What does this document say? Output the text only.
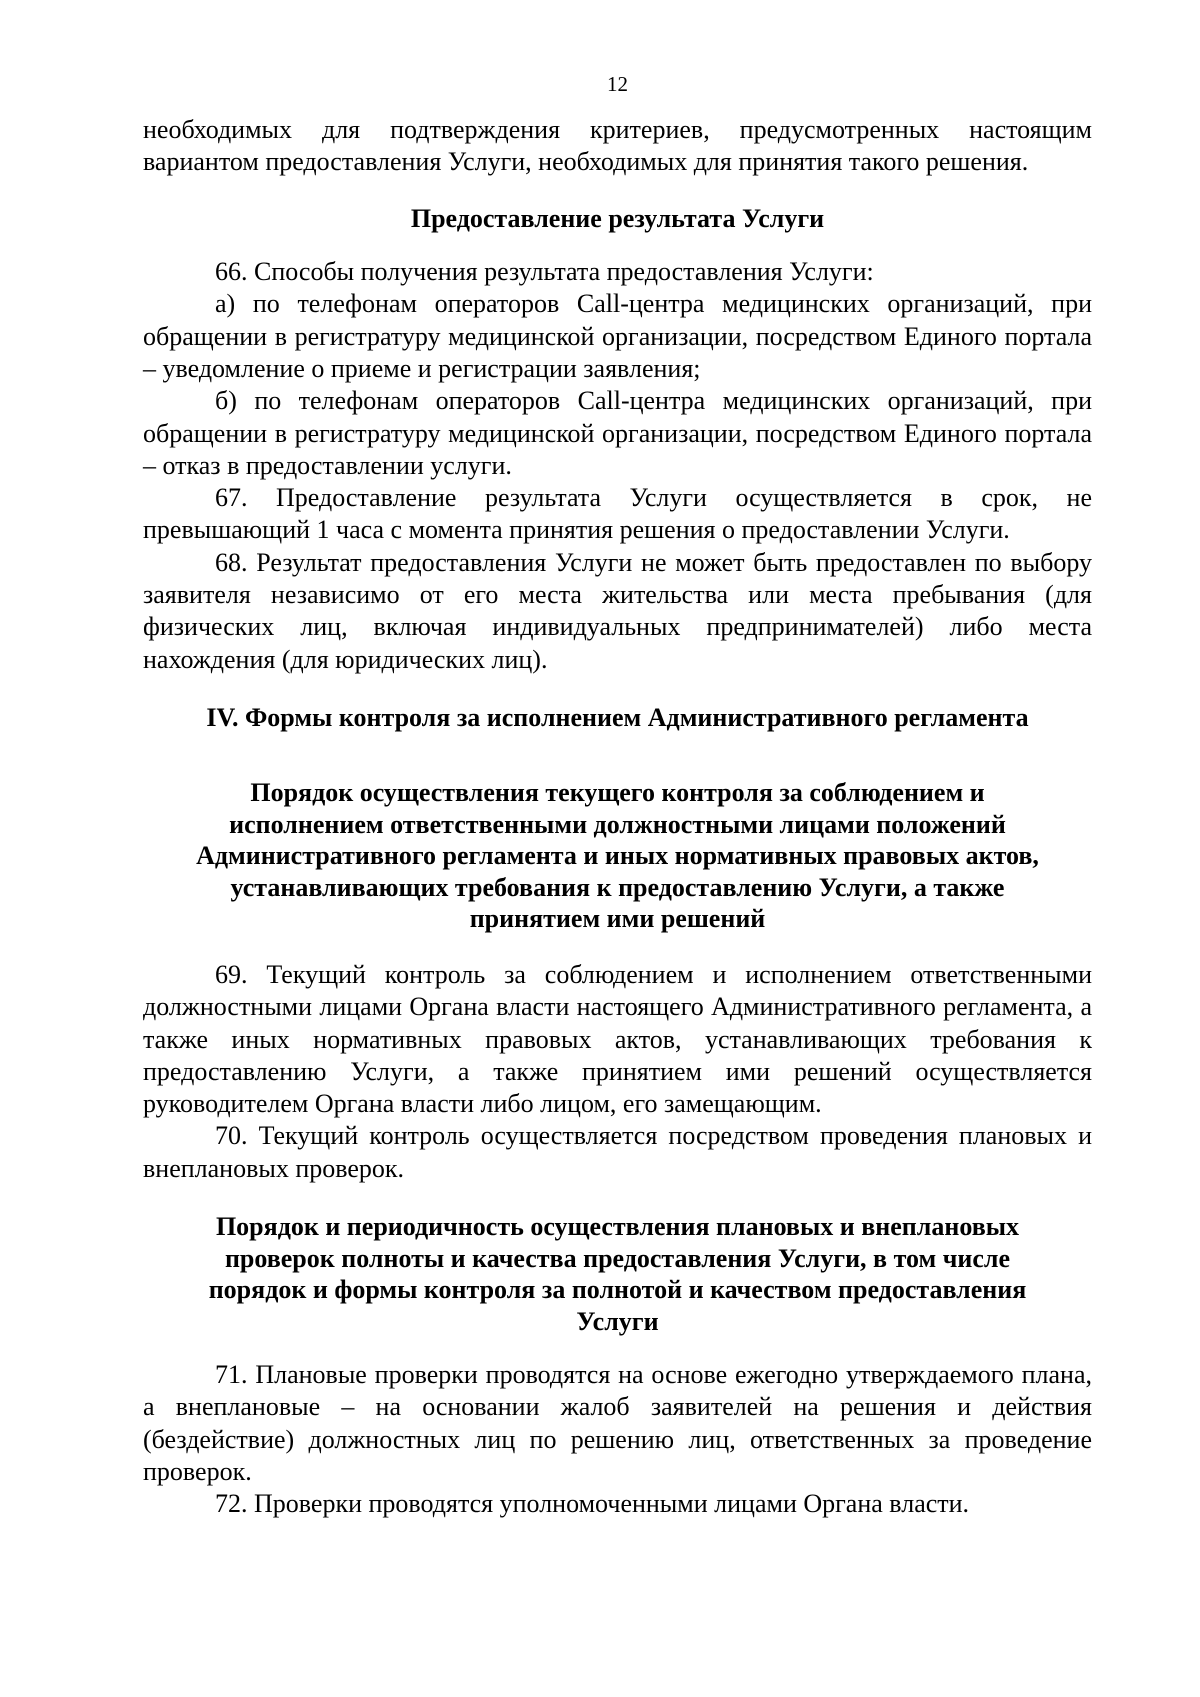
12

необходимых для подтверждения критериев, предусмотренных настоящим вариантом предоставления Услуги, необходимых для принятия такого решения.

Предоставление результата Услуги

66. Способы получения результата предоставления Услуги:

а) по телефонам операторов Call-центра медицинских организаций, при обращении в регистратуру медицинской организации, посредством Единого портала – уведомление о приеме и регистрации заявления;

б) по телефонам операторов Call-центра медицинских организаций, при обращении в регистратуру медицинской организации, посредством Единого портала – отказ в предоставлении услуги.

67. Предоставление результата Услуги осуществляется в срок, не превышающий 1 часа с момента принятия решения о предоставлении Услуги.

68. Результат предоставления Услуги не может быть предоставлен по выбору заявителя независимо от его места жительства или места пребывания (для физических лиц, включая индивидуальных предпринимателей) либо места нахождения (для юридических лиц).

IV. Формы контроля за исполнением Административного регламента
Порядок осуществления текущего контроля за соблюдением и исполнением ответственными должностными лицами положений Административного регламента и иных нормативных правовых актов, устанавливающих требования к предоставлению Услуги, а также принятием ими решений

69. Текущий контроль за соблюдением и исполнением ответственными должностными лицами Органа власти настоящего Административного регламента, а также иных нормативных правовых актов, устанавливающих требования к предоставлению Услуги, а также принятием ими решений осуществляется руководителем Органа власти либо лицом, его замещающим.

70. Текущий контроль осуществляется посредством проведения плановых и внеплановых проверок.

Порядок и периодичность осуществления плановых и внеплановых проверок полноты и качества предоставления Услуги, в том числе порядок и формы контроля за полнотой и качеством предоставления Услуги

71. Плановые проверки проводятся на основе ежегодно утверждаемого плана, а внеплановые – на основании жалоб заявителей на решения и действия (бездействие) должностных лиц по решению лиц, ответственных за проведение проверок.

72. Проверки проводятся уполномоченными лицами Органа власти.
